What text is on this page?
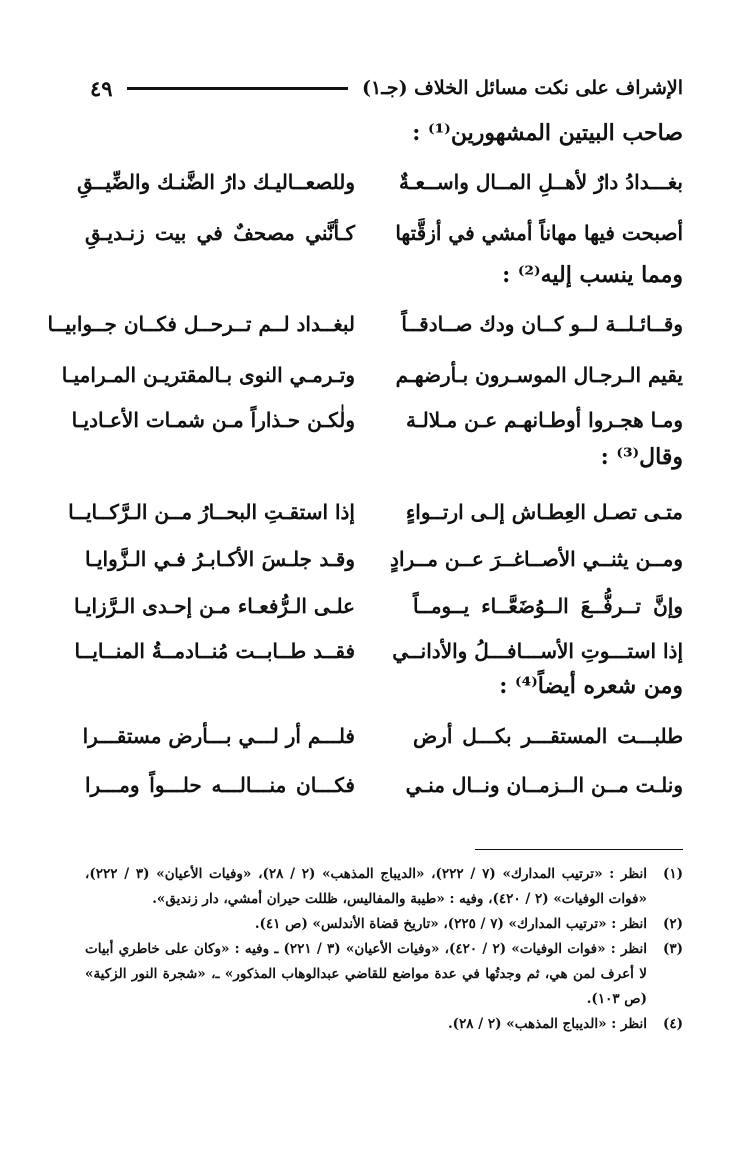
الإشراف على نكت مسائل الخلاف (جـ١)
٤٩
صاحب البيتين المشهورين⁽¹⁾ :
بغـــدادُ دارٌ لأهــلِ المــال واســعـةٌ
وللصعــاليـك دارُ الضَّنـك والضِّيــقِ
أصبحت فيها مهاناً أمشي في أزقَّتها
كـأنَّني مصحفٌ في بيت زنـديـقِ
ومما ينسب إليه⁽²⁾ :
وقــائـلــة لــو كــان ودك صــادقــاً
لبغــداد لــم تــرحــل فكــان جــوابيــا
يقيم الـرجـال الموسـرون بـأرضهـم
وتـرمـي النوى بـالمقتريـن المـراميـا
ومـا هجـروا أوطـانهـم عـن مـلالـة
ولٰكـن حـذاراً مـن شمـات الأعـاديـا
وقال⁽³⁾ :
متـى تصـل العِطـاش إلـى ارتــواءٍ
إذا استقـتِ البحــارُ مــن الـرَّكــايــا
ومــن يثنــي الأصــاغــرَ عــن مــرادٍ
وقـد جلـسَ الأكـابـرُ فـي الـزَّوايـا
وإنَّ تــرفُّــعَ الــوُضَعَّــاء يــومــاً
علـى الـرُّفعـاء مـن إحـدى الـرَّزايـا
إذا استـــوتِ الأســـافـــلُ والأدانــي
فقــد طــابــت مُنــادمــةُ المنــايــا
ومن شعره أيضاً⁽⁴⁾ :
طلبـــت المستقـــر بكـــل أرض
فلـــم أر لـــي بـــأرض مستقـــرا
ونلـت مــن الــزمــان ونــال منـي
فكـــان منـــالـــه حلـــواً ومـــرا
(١)
انظر : «ترتيب المدارك» (٧ / ٢٢٢)، «الديباج المذهب» (٢ / ٢٨)، «وفيات الأعيان» (٣ / ٢٢٢)، «فوات الوفيات» (٢ / ٤٢٠)، وفيه : «طيبة والمفاليس، ظللت حيران أمشي، دار زنديق».
(٢)
انظر : «ترتيب المدارك» (٧ / ٢٢٥)، «تاريخ قضاة الأندلس» (ص ٤١).
(٣)
انظر : «فوات الوفيات» (٢ / ٤٢٠)، «وفيات الأعيان» (٣ / ٢٢١) ـ وفيه : «وكان على خاطري أبيات لا أعرف لمن هي، ثم وجدتُها في عدة مواضع للقاضي عبدالوهاب المذكور» ـ، «شجرة النور الزكية» (ص ١٠٣).
(٤)
انظر : «الديباج المذهب» (٢ / ٢٨).
